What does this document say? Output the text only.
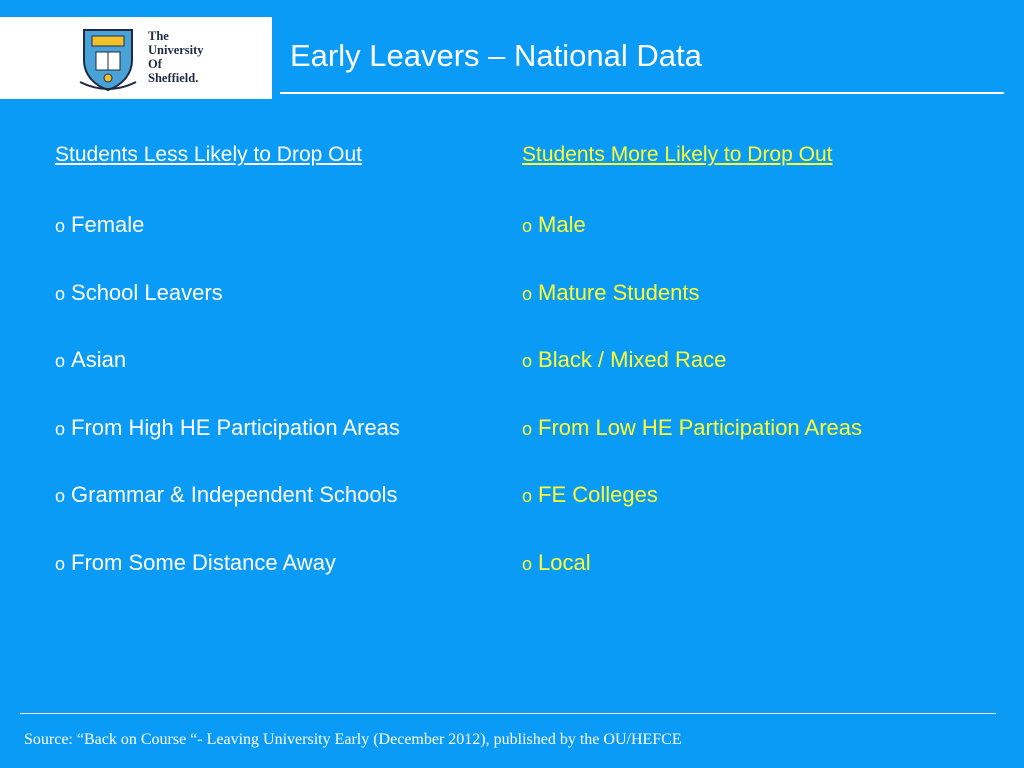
The
University
Of
Sheffield.
Early Leavers – National Data
Students Less Likely to Drop Out	Students More Likely to Drop Out
o Female
o School Leavers
o Asian
o From High HE Participation Areas
o Grammar & Independent Schools
o From Some Distance Away
o Male
o Mature Students
o Black / Mixed Race
o From Low HE Participation Areas
o FE Colleges
o Local
Source: “Back on Course “- Leaving University Early (December 2012), published by the OU/HEFCE
